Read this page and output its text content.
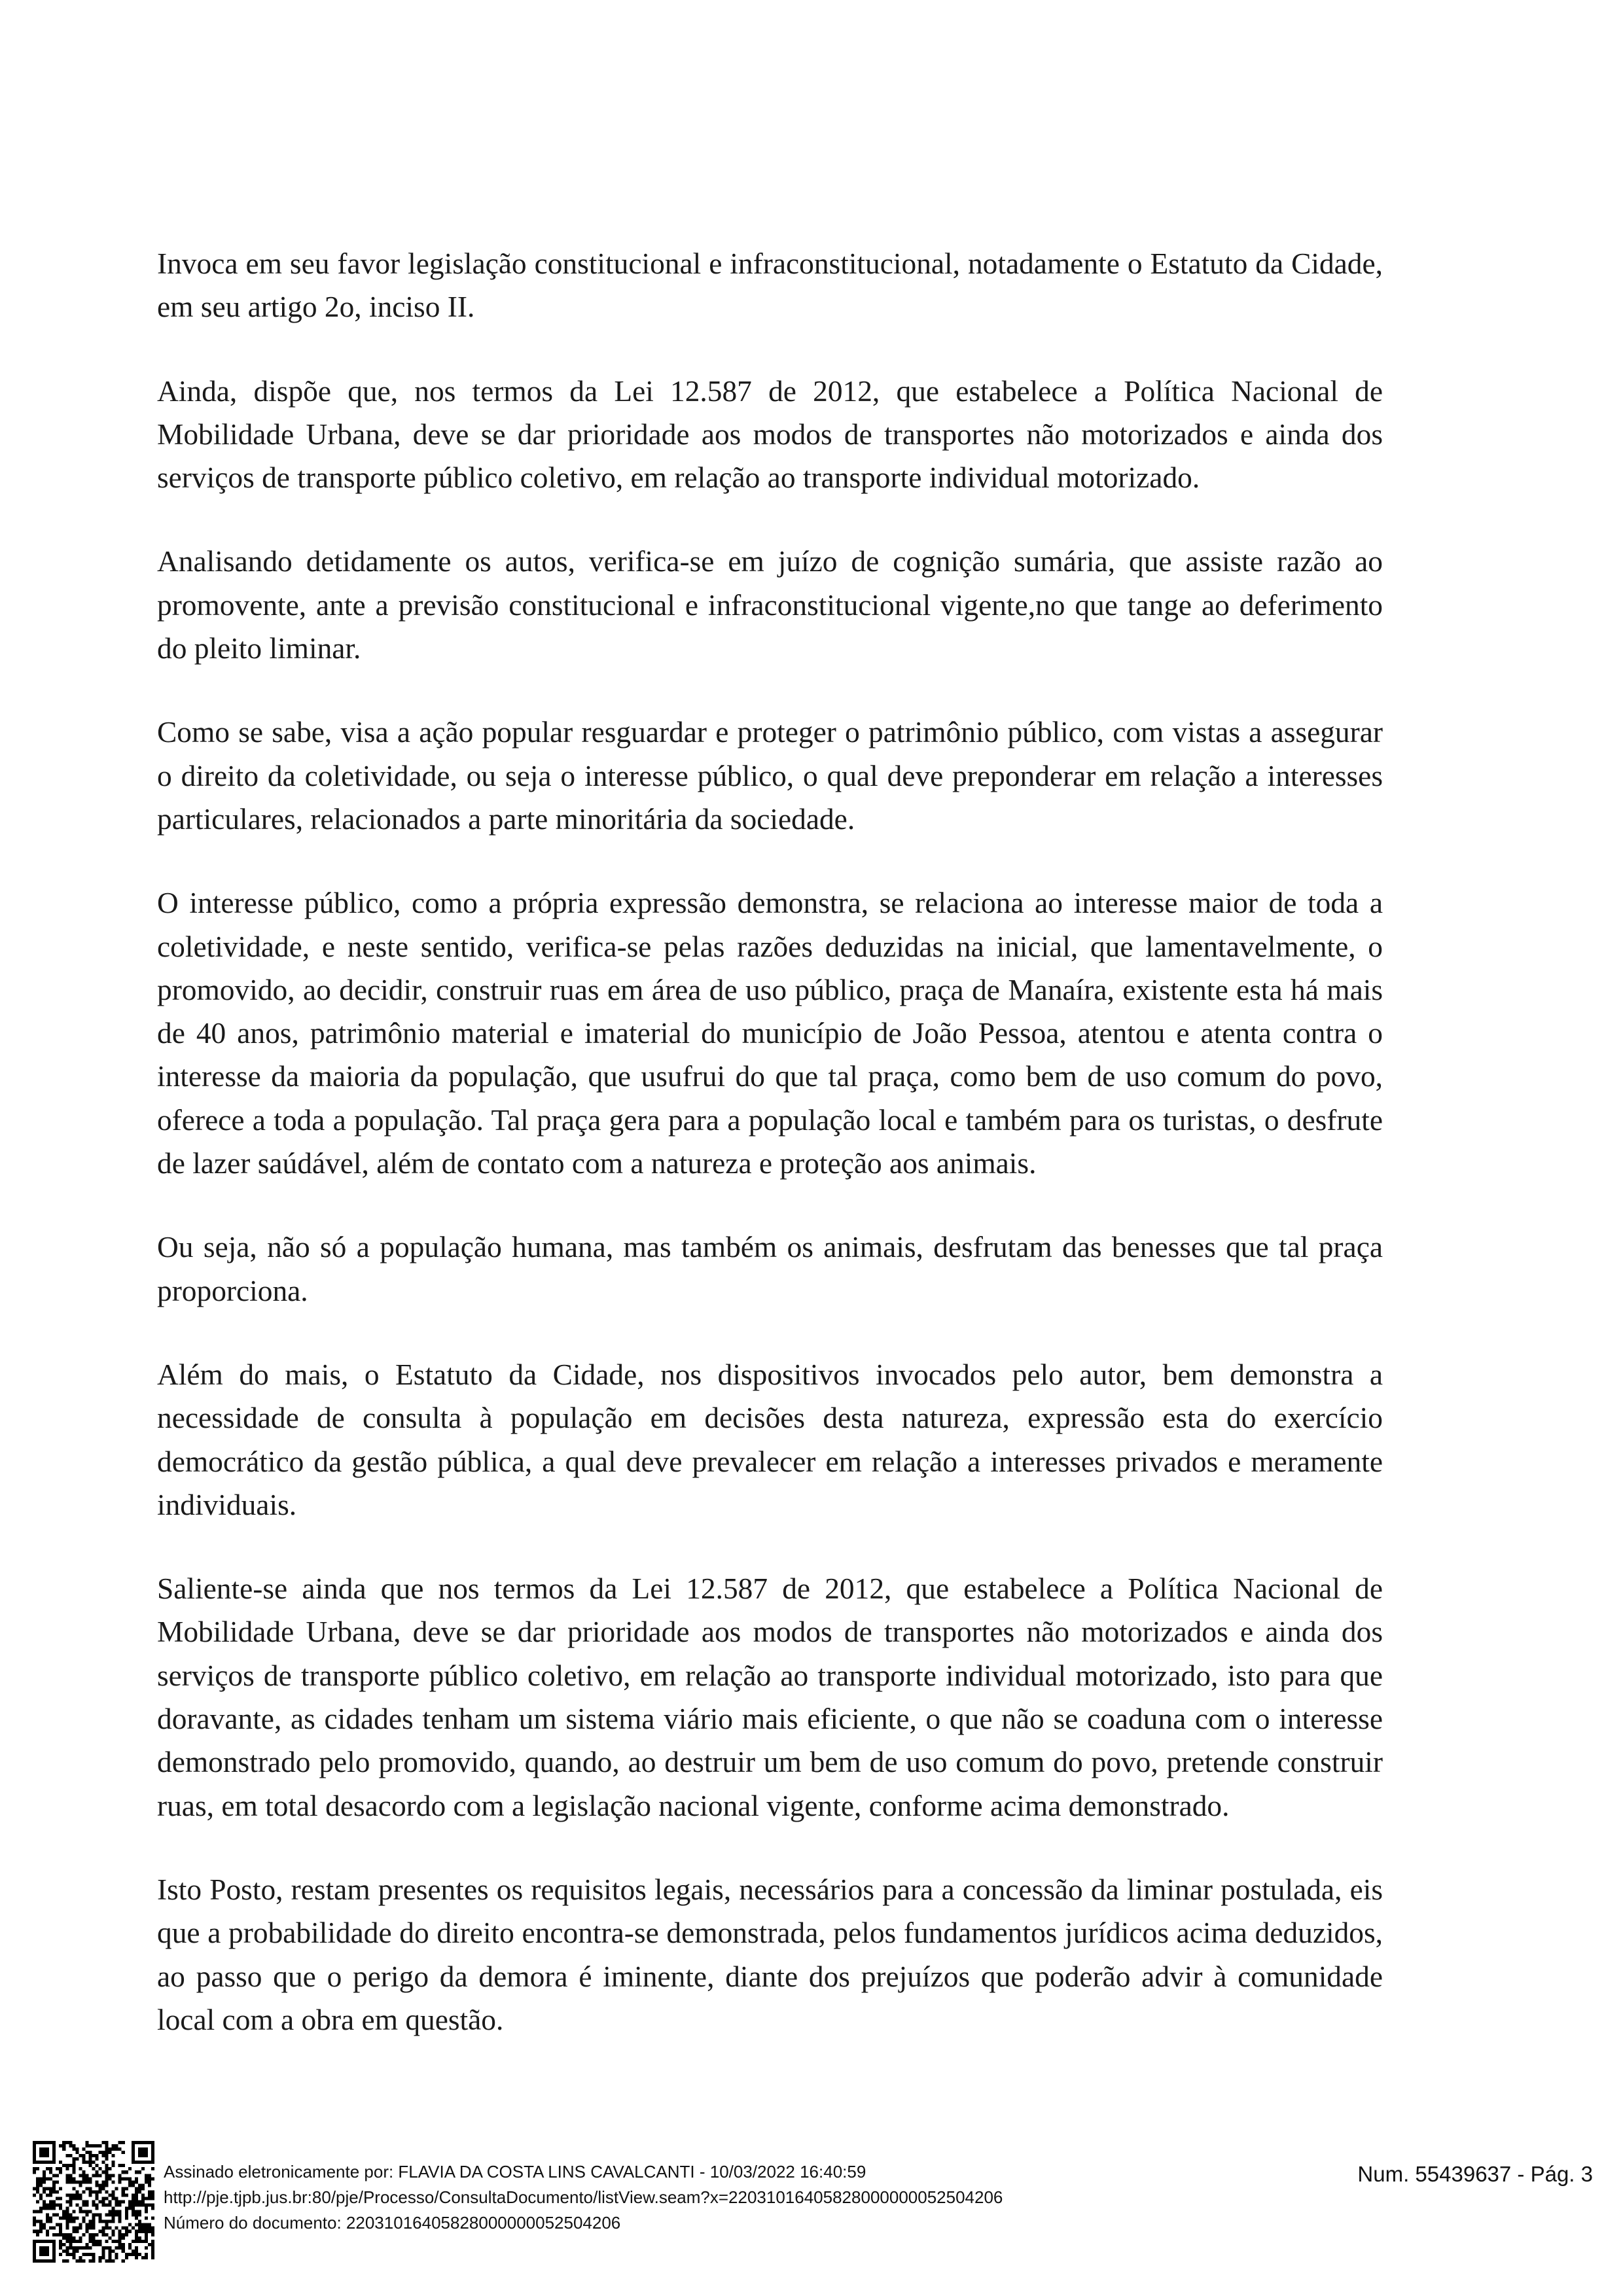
Invoca em seu favor legislação constitucional e infraconstitucional, notadamente o Estatuto da Cidade, em seu artigo 2o, inciso II.

Ainda, dispõe que, nos termos da Lei 12.587 de 2012, que estabelece a Política Nacional de Mobilidade Urbana, deve se dar prioridade aos modos de transportes não motorizados e ainda dos serviços de transporte público coletivo, em relação ao transporte individual motorizado.

Analisando detidamente os autos, verifica-se em juízo de cognição sumária, que assiste razão ao promovente, ante a previsão constitucional e infraconstitucional vigente,no que tange ao deferimento do pleito liminar.

Como se sabe, visa a ação popular resguardar e proteger o patrimônio público, com vistas a assegurar o direito da coletividade, ou seja o interesse público, o qual deve preponderar em relação a interesses particulares, relacionados a parte minoritária da sociedade.

O interesse público, como a própria expressão demonstra, se relaciona ao interesse maior de toda a coletividade, e neste sentido, verifica-se pelas razões deduzidas na inicial, que lamentavelmente, o promovido, ao decidir, construir ruas em área de uso público, praça de Manaíra, existente esta há mais de 40 anos, patrimônio material e imaterial do município de João Pessoa, atentou e atenta contra o interesse da maioria da população, que usufrui do que tal praça, como bem de uso comum do povo, oferece a toda a população. Tal praça gera para a população local e também para os turistas, o desfrute de lazer saúdável, além de contato com a natureza e proteção aos animais.

Ou seja, não só a população humana, mas também os animais, desfrutam das benesses que tal praça proporciona.

Além do mais, o Estatuto da Cidade, nos dispositivos invocados pelo autor, bem demonstra a necessidade de consulta à população em decisões desta natureza, expressão esta do exercício democrático da gestão pública, a qual deve prevalecer em relação a interesses privados e meramente individuais.

Saliente-se ainda que nos termos da Lei 12.587 de 2012, que estabelece a Política Nacional de Mobilidade Urbana, deve se dar prioridade aos modos de transportes não motorizados e ainda dos serviços de transporte público coletivo, em relação ao transporte individual motorizado, isto para que doravante, as cidades tenham um sistema viário mais eficiente, o que não se coaduna com o interesse demonstrado pelo promovido, quando, ao destruir um bem de uso comum do povo, pretende construir ruas, em total desacordo com a legislação nacional vigente, conforme acima demonstrado.

Isto Posto, restam presentes os requisitos legais, necessários para a concessão da liminar postulada, eis que a probabilidade do direito encontra-se demonstrada, pelos fundamentos jurídicos acima deduzidos, ao passo que o perigo da demora é iminente, diante dos prejuízos que poderão advir à comunidade local com a obra em questão.

Assinado eletronicamente por: FLAVIA DA COSTA LINS CAVALCANTI - 10/03/2022 16:40:59
http://pje.tjpb.jus.br:80/pje/Processo/ConsultaDocumento/listView.seam?x=22031016405828000000052504206
Número do documento: 22031016405828000000052504206
Num. 55439637 - Pág. 3
